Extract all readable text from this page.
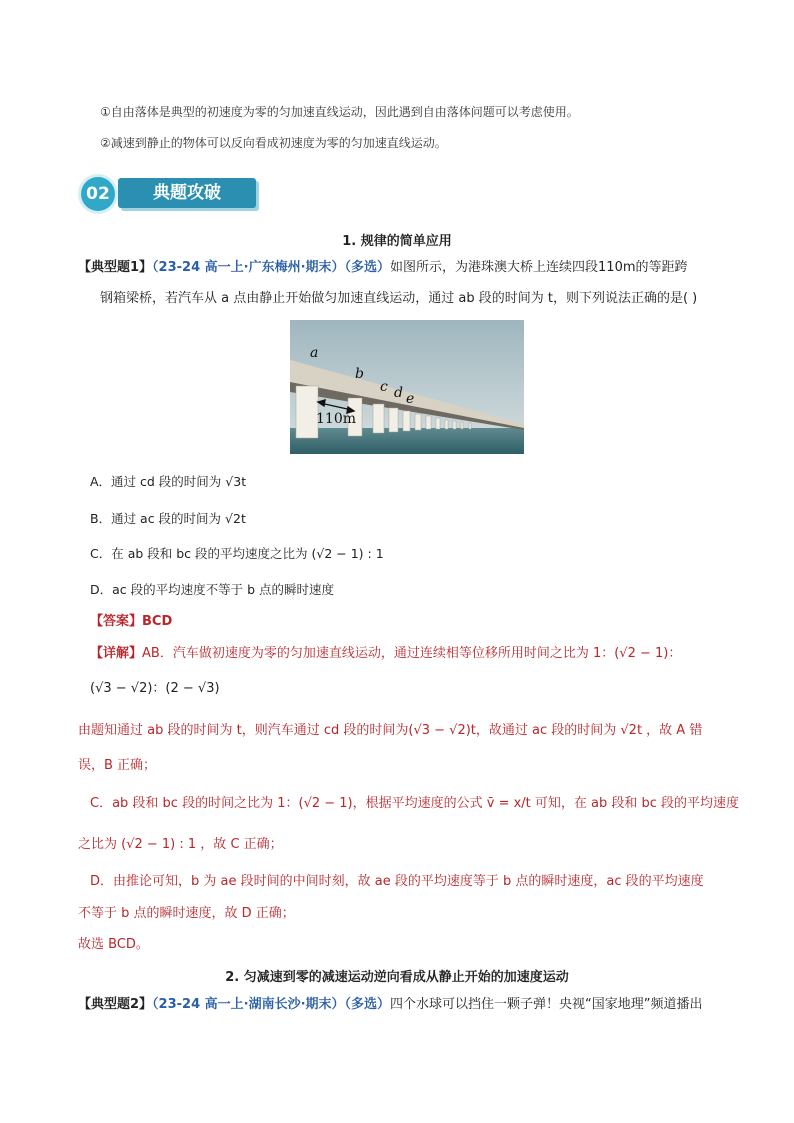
①自由落体是典型的初速度为零的匀加速直线运动，因此遇到自由落体问题可以考虑使用。
②减速到静止的物体可以反向看成初速度为零的匀加速直线运动。
典题攻破
02
1. 规律的简单应用
【典型题1】（23-24 高一上·广东梅州·期末）（多选）如图所示，为港珠澳大桥上连续四段110m的等距跨
钢箱梁桥，若汽车从 a 点由静止开始做匀加速直线运动，通过 ab 段的时间为 t，则下列说法正确的是( )
a
b
c d e
110m
A．通过 cd 段的时间为 √3t
B．通过 ac 段的时间为 √2t
C．在 ab 段和 bc 段的平均速度之比为 (√2 − 1) : 1
D．ac 段的平均速度不等于 b 点的瞬时速度
【答案】BCD
【详解】AB．汽车做初速度为零的匀加速直线运动，通过连续相等位移所用时间之比为 1：(√2 − 1)：
(√3 − √2)：(2 − √3)
由题知通过 ab 段的时间为 t，则汽车通过 cd 段的时间为(√3 − √2)t，故通过 ac 段的时间为 √2t ，故 A 错
误，B 正确；
C．ab 段和 bc 段的时间之比为 1：(√2 − 1)，根据平均速度的公式 v̄ = x/t 可知，在 ab 段和 bc 段的平均速度
之比为 (√2 − 1) : 1 ，故 C 正确；
D．由推论可知，b 为 ae 段时间的中间时刻，故 ae 段的平均速度等于 b 点的瞬时速度，ac 段的平均速度
不等于 b 点的瞬时速度，故 D 正确；
故选 BCD。
2. 匀减速到零的减速运动逆向看成从静止开始的加速度运动
【典型题2】（23-24 高一上·湖南长沙·期末）（多选）四个水球可以挡住一颗子弹！央视“国家地理”频道播出
